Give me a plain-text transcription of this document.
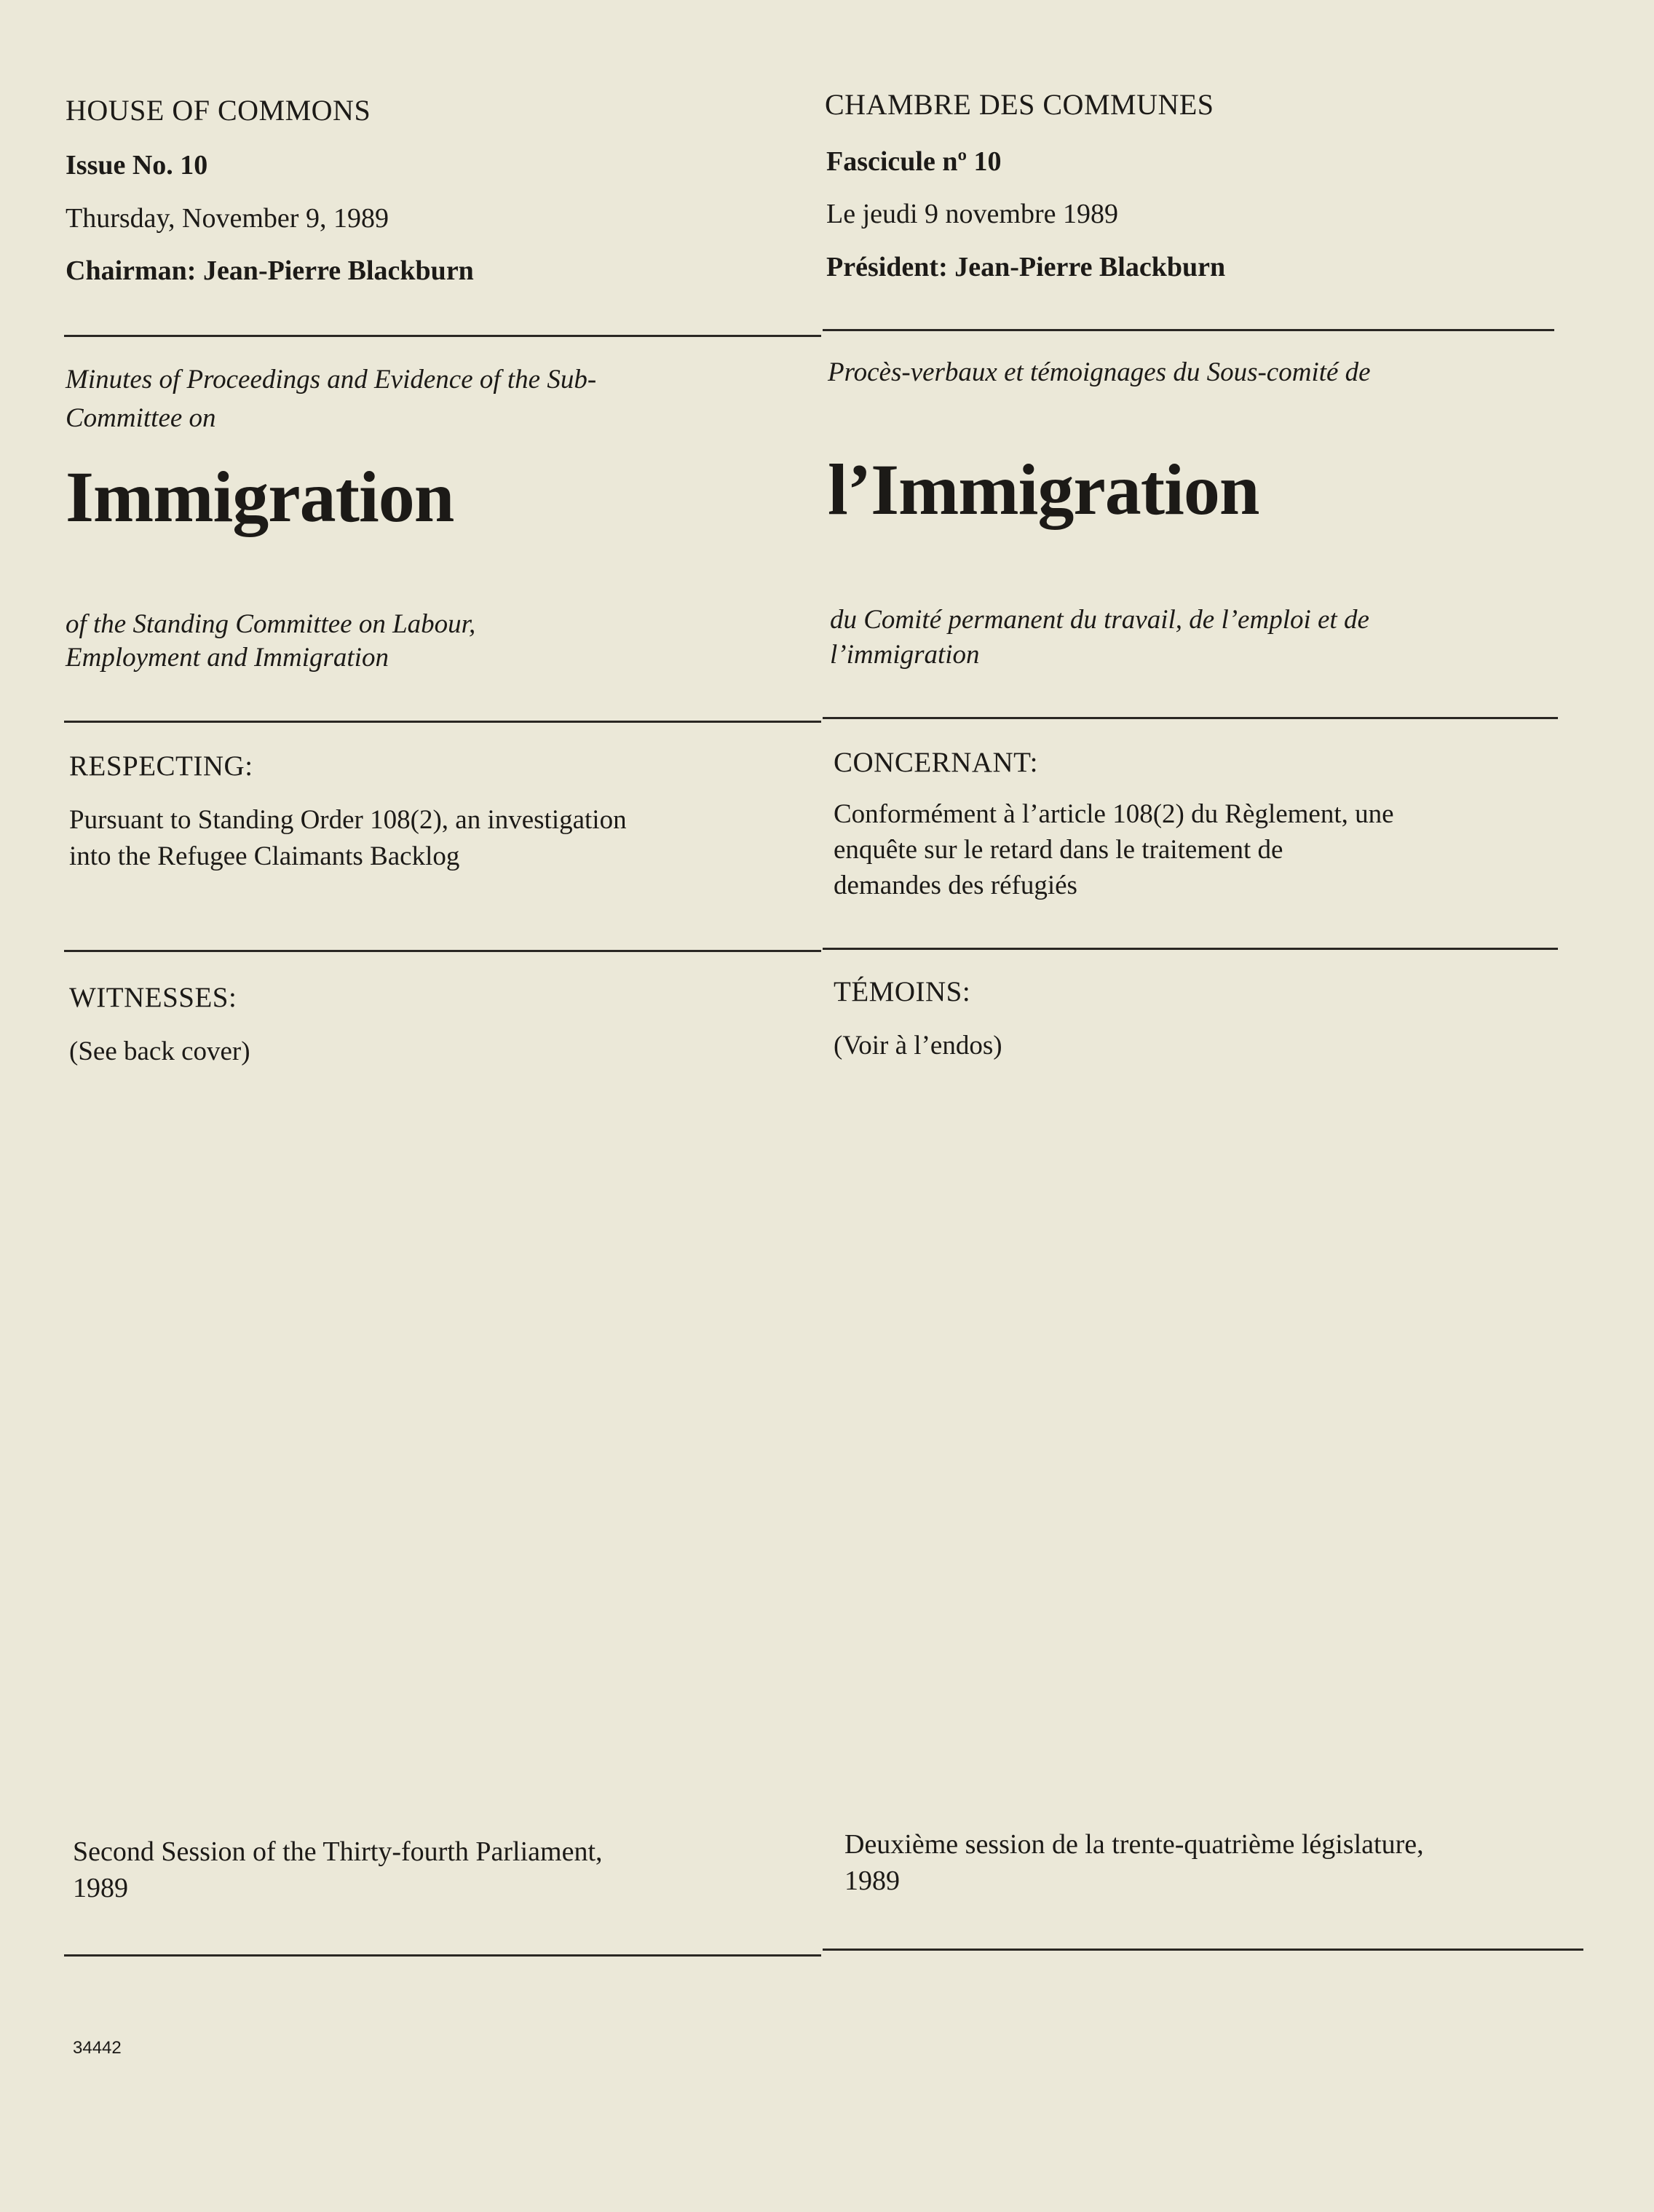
HOUSE OF COMMONS

Issue No. 10

Thursday, November 9, 1989

Chairman: Jean-Pierre Blackburn

Minutes of Proceedings and Evidence of the Sub-

Committee on

Immigration

of the Standing Committee on Labour,

Employment and Immigration

RESPECTING:

Pursuant to Standing Order 108(2), an investigation

into the Refugee Claimants Backlog

WITNESSES:

(See back cover)

Second Session of the Thirty-fourth Parliament,

1989

34442

CHAMBRE DES COMMUNES

Fascicule nº 10

Le jeudi 9 novembre 1989

Président: Jean-Pierre Blackburn

Procès-verbaux et témoignages du Sous-comité de

l’Immigration

du Comité permanent du travail, de l’emploi et de

l’immigration

CONCERNANT:

Conformément à l’article 108(2) du Règlement, une

enquête sur le retard dans le traitement de

demandes des réfugiés

TÉMOINS:

(Voir à l’endos)

Deuxième session de la trente-quatrième législature,

1989
